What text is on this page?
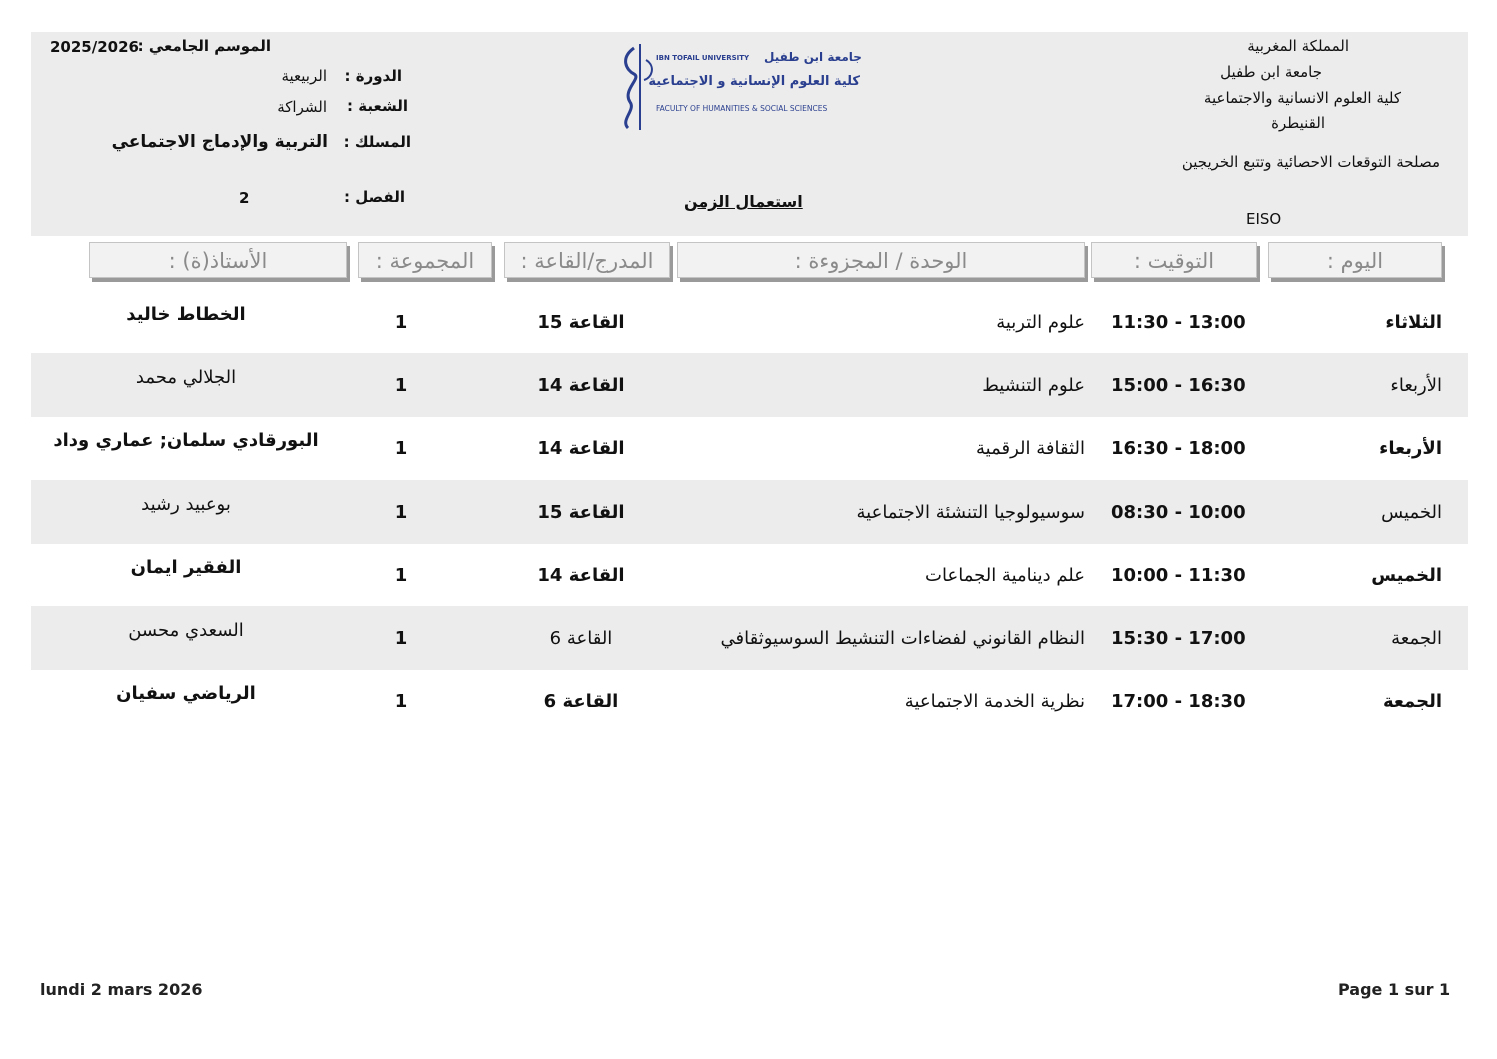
المملكة المغربية
جامعة ابن طفيل
كلية العلوم الانسانية والاجتماعية
القنيطرة
مصلحة التوقعات الاحصائية وتتبع الخريجين
EISO
IBN TOFAIL UNIVERSITY جامعة ابن طفيل
كلية العلوم الإنسانية و الاجتماعية
FACULTY OF HUMANITIES & SOCIAL SCIENCES
استعمال الزمن
الموسم الجامعي :
2025/2026
الدورة :
الربيعية
الشعبة :
الشراكة
المسلك :
التربية والإدماج الاجتماعي
الفصل :
2
اليوم :
التوقيت :
الوحدة / المجزوءة :
المدرج/القاعة :
المجموعة :
الأستاذ(ة) :
الثلاثاء
11:30 - 13:00
علوم التربية
القاعة 15
1
الخطاط خاليد
الأربعاء
15:00 - 16:30
علوم التنشيط
القاعة 14
1
الجلالي محمد
الأربعاء
16:30 - 18:00
الثقافة الرقمية
القاعة 14
1
البورقادي سلمان; عماري وداد
الخميس
08:30 - 10:00
سوسيولوجيا التنشئة الاجتماعية
القاعة 15
1
بوعبيد رشيد
الخميس
10:00 - 11:30
علم دينامية الجماعات
القاعة 14
1
الفقير ايمان
الجمعة
15:30 - 17:00
النظام القانوني لفضاءات التنشيط السوسيوثقافي
القاعة 6
1
السعدي محسن
الجمعة
17:00 - 18:30
نظرية الخدمة الاجتماعية
القاعة 6
1
الرياضي سفيان
lundi 2 mars 2026	Page 1 sur 1
